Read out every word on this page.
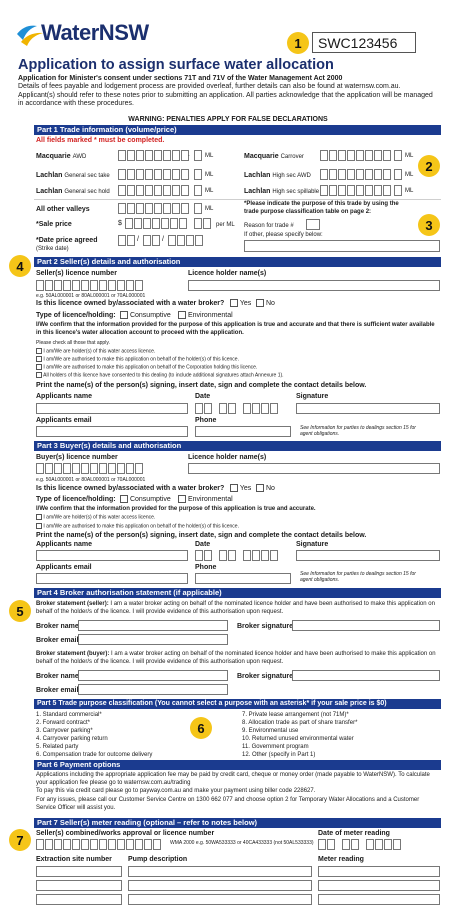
WaterNSW	1	SWC123456
Application to assign surface water allocation
Application for Minister's consent under sections 71T and 71V of the Water Management Act 2000
Details of fees payable and lodgement process are provided overleaf, further details can also be found at waternsw.com.au. Applicant(s) should refer to these notes prior to submitting an application. All parties acknowledge that the application will be managed in accordance with these procedures.
WARNING: PENALTIES APPLY FOR FALSE DECLARATIONS
Part 1 Trade information (volume/price)
All fields marked * must be completed.
Macquarie AWD	·	ML	Macquarie Carrover	ML
Lachlan General sec take	ML	Lachlan High sec AWD	ML
2
Lachlan General sec hold	ML	Lachlan High sec spillable	ML
All other valleys	ML
*Please indicate the purpose of this trade by using the trade purpose classification table on page 2:
Reason for trade #
If other, please specify below:
3
*Sale price	$	per ML
*Date price agreed
(Strike date)
/	/
4	Part 2 Seller(s) details and authorisation
Seller(s) licence number	Licence holder name(s)
e.g. 50AL000001 or 80AL000001 or 70AL000001
Is this licence owned by/associated with a water broker?	Yes	No
Type of licence/holding:	Consumptive	Environmental
I/We confirm that the information provided for the purpose of this application is true and accurate and that there is sufficient water available in this licence's water allocation account to proceed with the application.
Please check all those that apply.
I am/We are holder(s) of this water access licence.
I am/We are authorised to make this application on behalf of the holder(s) of this licence.
I am/We are authorised to make this application on behalf of the Corporation holding this licence.
All holders of this licence have consented to this dealing (to include additional signatures attach Annexure 1).
Print the name(s) of the person(s) signing, insert date, sign and complete the contact details below.
Applicants name	Date	Signature
Applicants email	Phone
See Information for parties to dealings section 15 for agent obligations.
Part 3 Buyer(s) details and authorisation
Buyer(s) licence number	Licence holder name(s)
e.g. 50AL000001 or 80AL000001 or 70AL000001
Is this licence owned by/associated with a water broker?	Yes	No
Type of licence/holding:	Consumptive	Environmental
I/We confirm that the information provided for the purpose of this application is true and accurate.
I am/We are holder(s) of this water access licence.
I am/We are authorised to make this application on behalf of the holder(s) of this licence.
Print the name(s) of the person(s) signing, insert date, sign and complete the contact details below.
Applicants name	Date	Signature
Applicants email	Phone
See Information for parties to dealings section 15 for agent obligations.
5
Part 4 Broker authorisation statement (if applicable)
Broker statement (seller): I am a water broker acting on behalf of the nominated licence holder and have been authorised to make this application on behalf of the holder/s of the licence. I will provide evidence of this authorisation upon request.
Broker name	Broker signature
Broker email
Broker statement (buyer): I am a water broker acting on behalf of the nominated licence holder and have been authorised to make this application on behalf of the holder/s of the licence. I will provide evidence of this authorisation upon request.
Broker name	Broker signature
Broker email
Part 5 Trade purpose classification (You cannot select a purpose with an asterisk* if your sale price is $0)
1. Standard commercial*
2. Forward contract*
3. Carryover parking*
4. Carryover parking return
5. Related party
6. Compensation trade for outcome delivery
6
7. Private lease arrangement (not 71M)*
8. Allocation trade as part of share transfer*
9. Environmental use
10. Returned unused environmental water
11. Government program
12. Other (specify in Part 1)
Part 6 Payment options
Applications including the appropriate application fee may be paid by credit card, cheque or money order (made payable to WaterNSW). To calculate your application fee please go to waternsw.com.au/trading
To pay this via credit card please go to payway.com.au and make your payment using biller code 228627.
For any issues, please call our Customer Service Centre on 1300 662 077 and choose option 2 for Temporary Water Allocations and a Customer Service Officer will assist you.
7
Part 7 Seller(s) meter reading (optional – refer to notes below)
Seller(s) combined/works approval or licence number	Date of meter reading
WMA 2000 e.g. 50WA533333 or 40CA433333 (not 50AL533333)
Extraction site number Pump description	Meter reading
